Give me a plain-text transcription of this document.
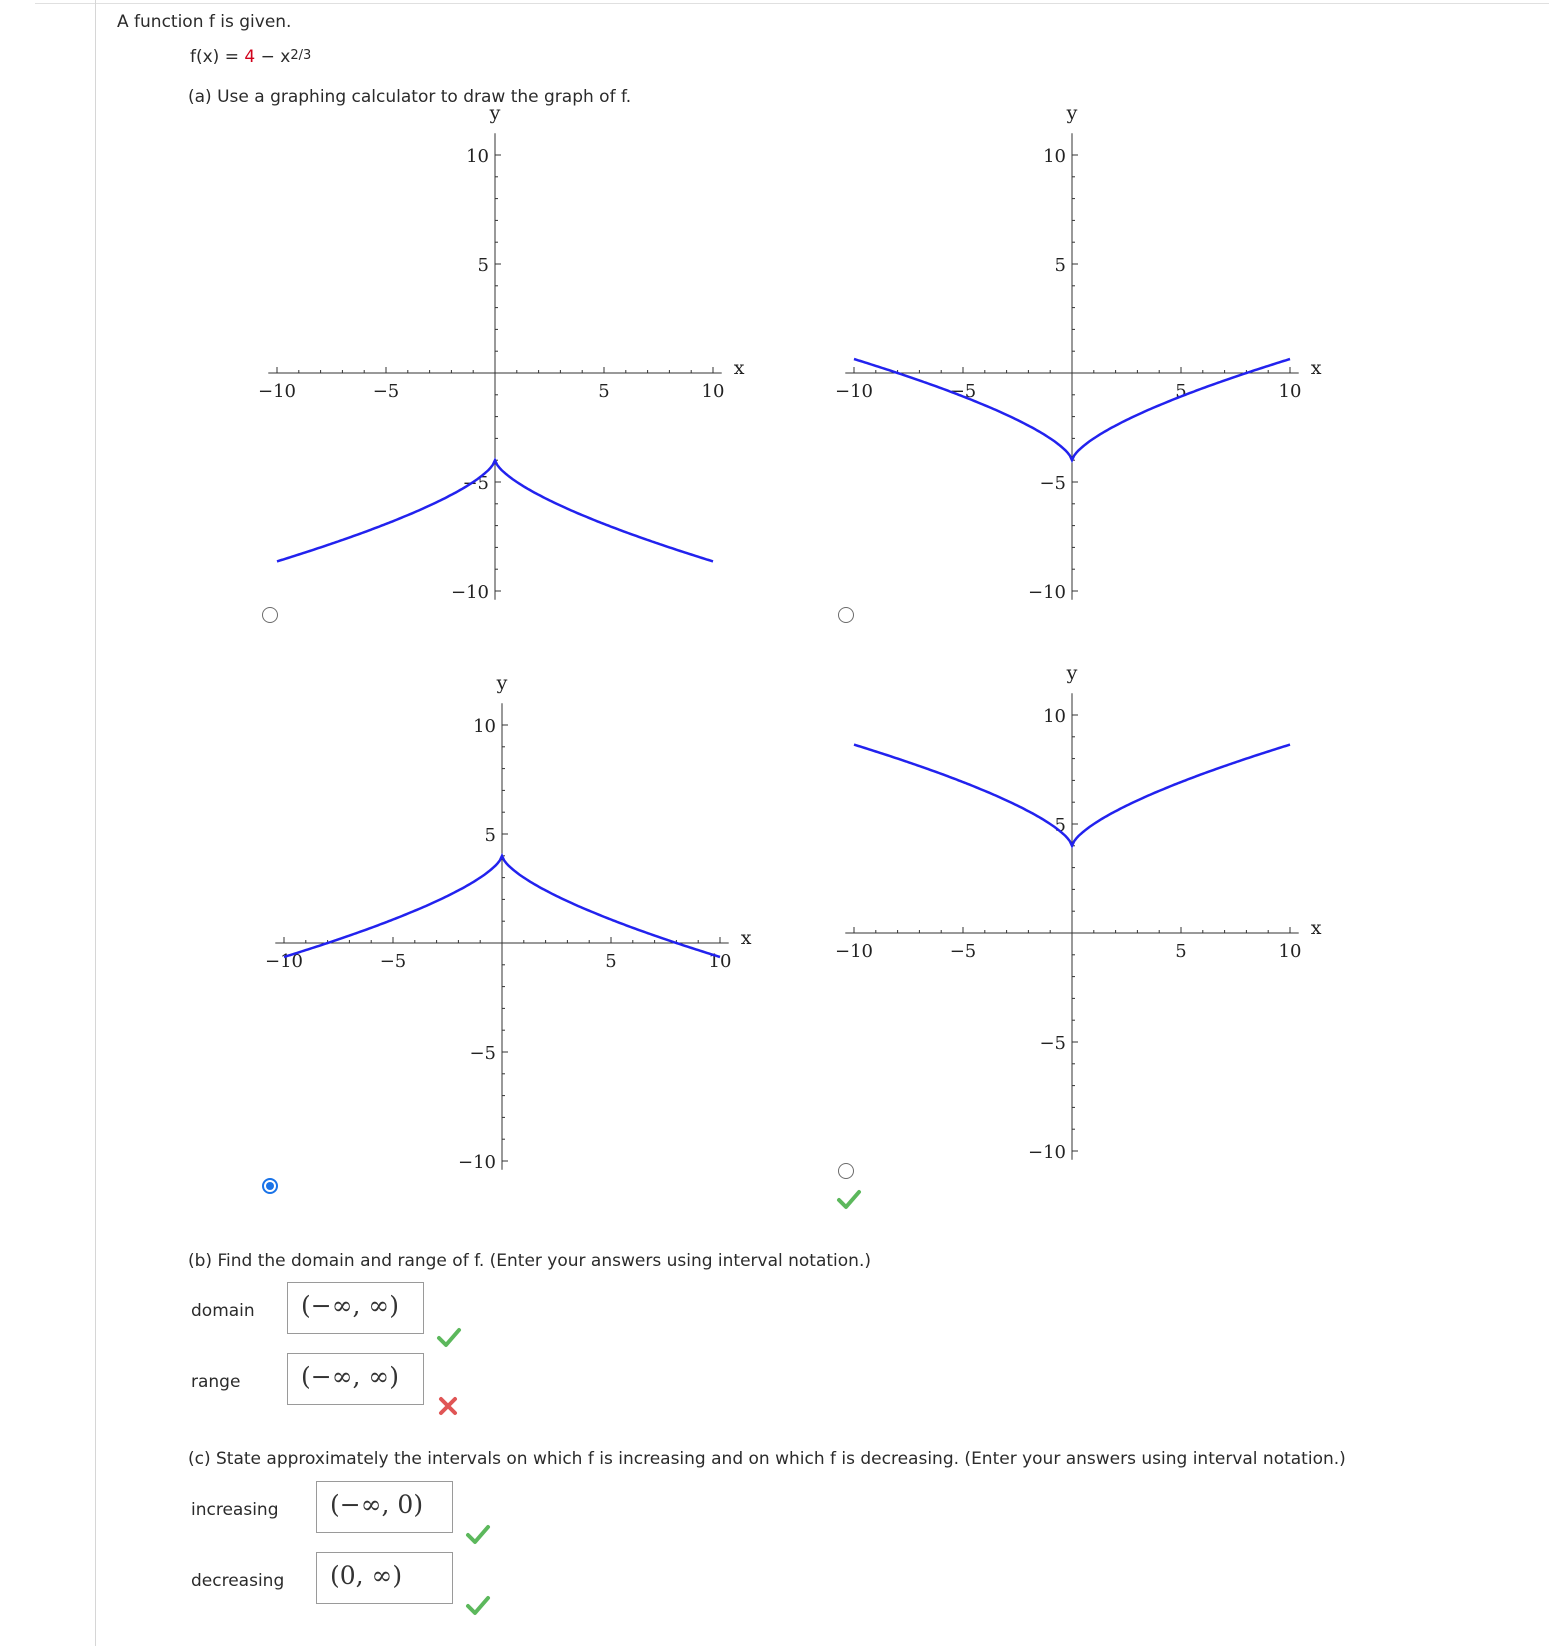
A function f is given.
$f(x) = 4 - x^{2/3}$
(a) Use a graphing calculator to draw the graph of f.
−10	−5	5	10
10
5
−5
−10
x
y
−10	−5	5	10
10
5
−5
−10
x
y
−10	−5	5	10
10
5
−5
−10
x
y
−10	−5	5	10
10
5
−5
−10
x
y
(b) Find the domain and range of f. (Enter your answers using interval notation.)
domain	(−∞, ∞)
range	(−∞, ∞)
(c) State approximately the intervals on which f is increasing and on which f is decreasing. (Enter your answers using interval notation.)
increasing	(−∞, 0)
decreasing	(0, ∞)
